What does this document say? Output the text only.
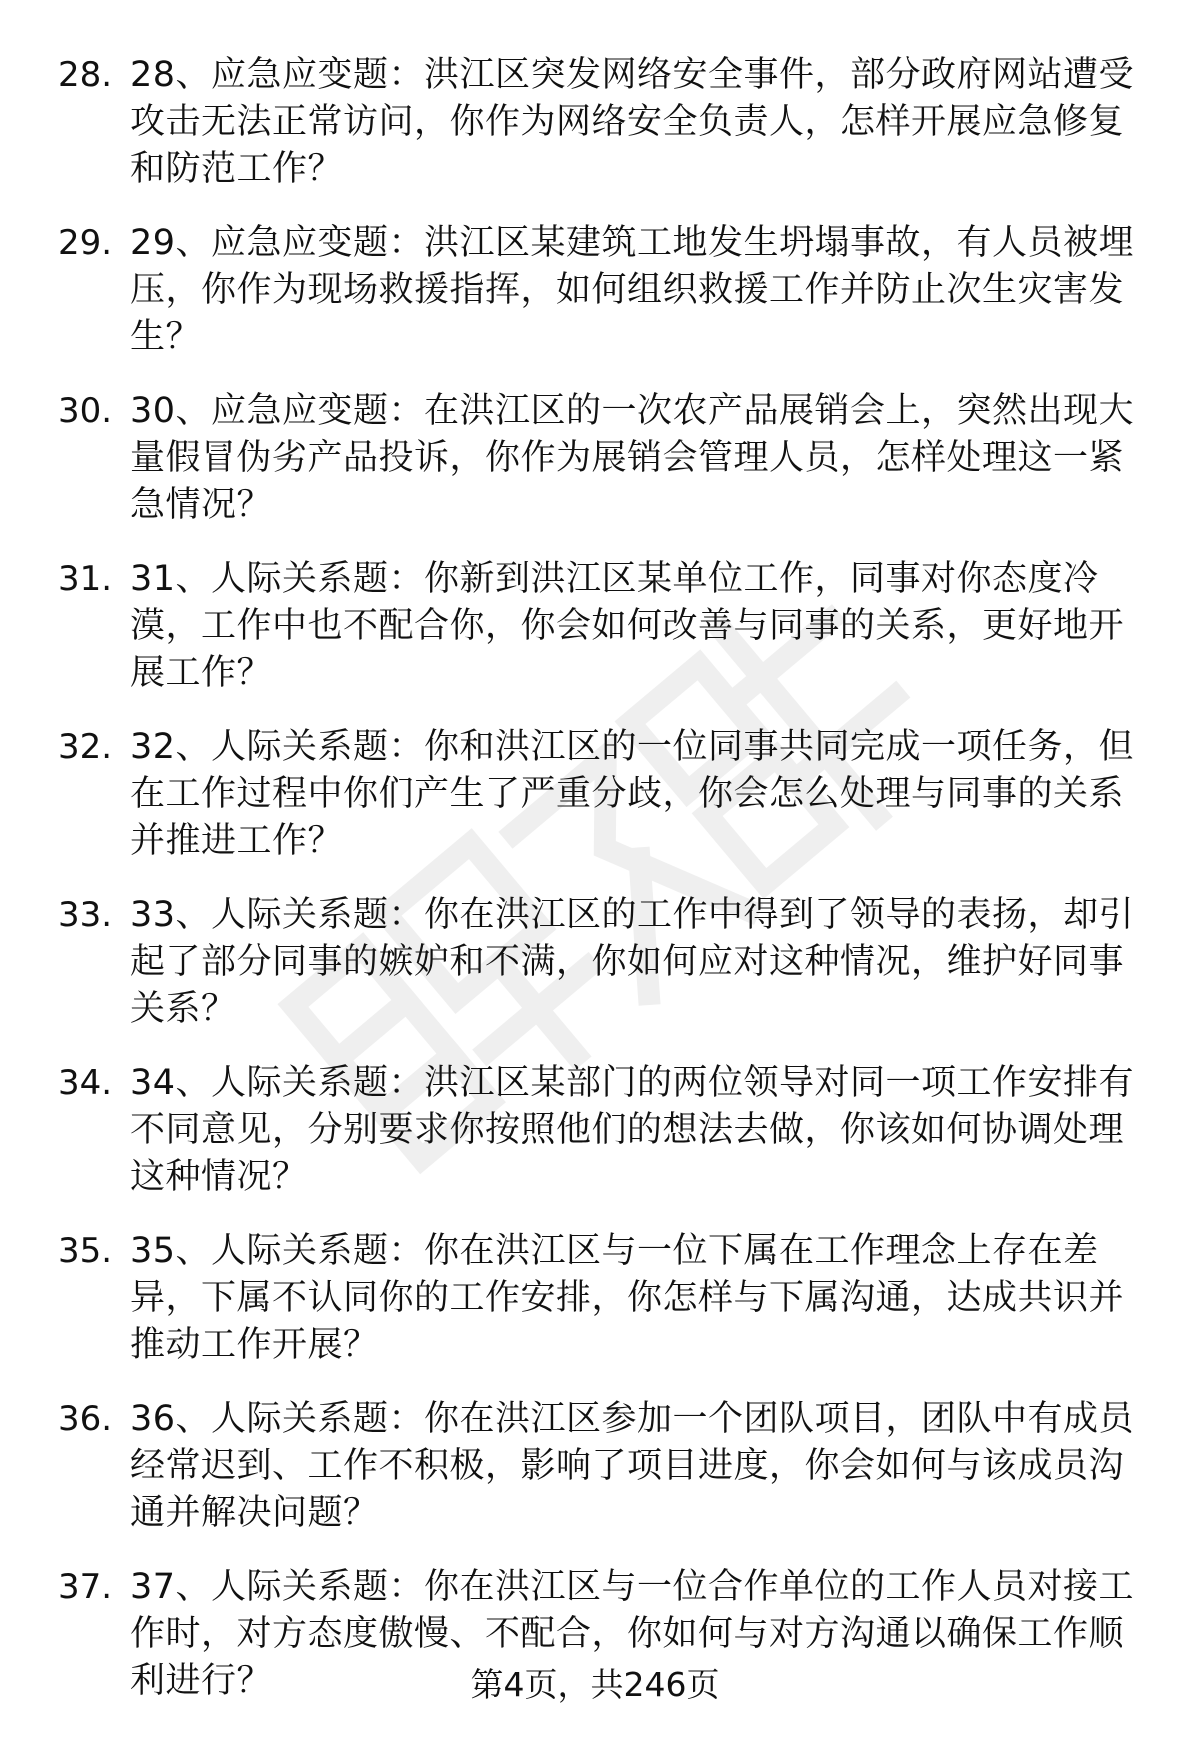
28. 28、应急应变题：洪江区突发网络安全事件，部分政府网站遭受攻击无法正常访问，你作为网络安全负责人，怎样开展应急修复和防范工作？
29. 29、应急应变题：洪江区某建筑工地发生坍塌事故，有人员被埋压，你作为现场救援指挥，如何组织救援工作并防止次生灾害发生？
30. 30、应急应变题：在洪江区的一次农产品展销会上，突然出现大量假冒伪劣产品投诉，你作为展销会管理人员，怎样处理这一紧急情况？
31. 31、人际关系题：你新到洪江区某单位工作，同事对你态度冷漠，工作中也不配合你，你会如何改善与同事的关系，更好地开展工作？
32. 32、人际关系题：你和洪江区的一位同事共同完成一项任务，但在工作过程中你们产生了严重分歧，你会怎么处理与同事的关系并推进工作？
33. 33、人际关系题：你在洪江区的工作中得到了领导的表扬，却引起了部分同事的嫉妒和不满，你如何应对这种情况，维护好同事关系？
34. 34、人际关系题：洪江区某部门的两位领导对同一项工作安排有不同意见，分别要求你按照他们的想法去做，你该如何协调处理这种情况？
35. 35、人际关系题：你在洪江区与一位下属在工作理念上存在差异，下属不认同你的工作安排，你怎样与下属沟通，达成共识并推动工作开展？
36. 36、人际关系题：你在洪江区参加一个团队项目，团队中有成员经常迟到、工作不积极，影响了项目进度，你会如何与该成员沟通并解决问题？
37. 37、人际关系题：你在洪江区与一位合作单位的工作人员对接工作时，对方态度傲慢、不配合，你如何与对方沟通以确保工作顺利进行？	第4页，共246页
